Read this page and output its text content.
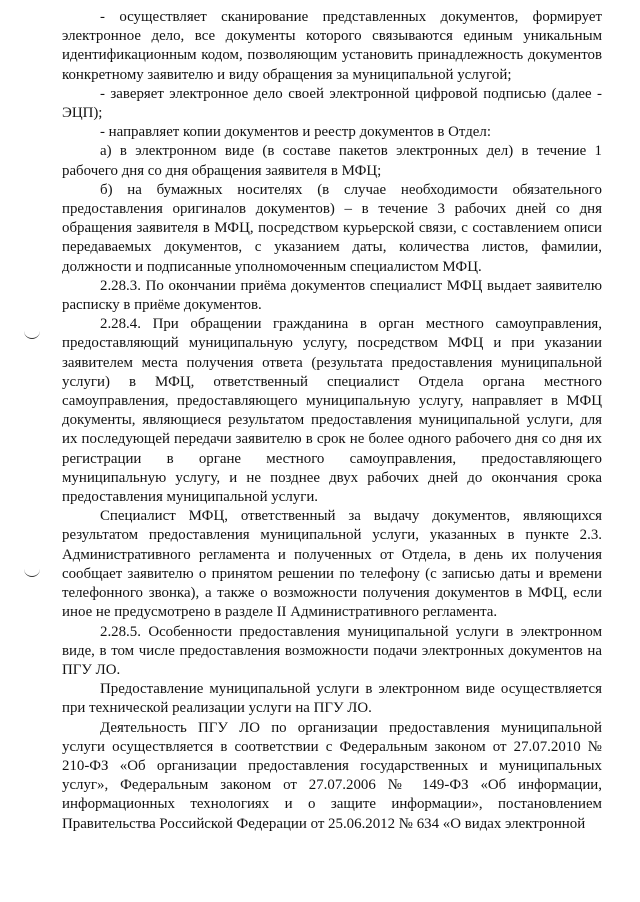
- осуществляет сканирование представленных документов, формирует электронное дело, все документы которого связываются единым уникальным идентификационным кодом, позволяющим установить принадлежность документов конкретному заявителю и виду обращения за муниципальной услугой;

- заверяет электронное дело своей электронной цифровой подписью (далее - ЭЦП);

- направляет копии документов и реестр документов в Отдел:

а) в электронном виде (в составе пакетов электронных дел) в течение 1 рабочего дня со дня обращения заявителя в МФЦ;

б) на бумажных носителях (в случае необходимости обязательного предоставления оригиналов документов) – в течение 3 рабочих дней со дня обращения заявителя в МФЦ, посредством курьерской связи, с составлением описи передаваемых документов, с указанием даты, количества листов, фамилии, должности и подписанные уполномоченным специалистом МФЦ.

2.28.3. По окончании приёма документов специалист МФЦ выдает заявителю расписку в приёме документов.

2.28.4. При обращении гражданина в орган местного самоуправления, предоставляющий муниципальную услугу, посредством МФЦ и при указании заявителем места получения ответа (результата предоставления муниципальной услуги) в МФЦ, ответственный специалист Отдела органа местного самоуправления, предоставляющего муниципальную услугу, направляет в МФЦ документы, являющиеся результатом предоставления муниципальной услуги, для их последующей передачи заявителю в срок не более одного рабочего дня со дня их регистрации в органе местного самоуправления, предоставляющего муниципальную услугу, и не позднее двух рабочих дней до окончания срока предоставления муниципальной услуги.

Специалист МФЦ, ответственный за выдачу документов, являющихся результатом предоставления муниципальной услуги, указанных в пункте 2.3. Административного регламента и полученных от Отдела, в день их получения сообщает заявителю о принятом решении по телефону (с записью даты и времени телефонного звонка), а также о возможности получения документов в МФЦ, если иное не предусмотрено в разделе II Административного регламента.

2.28.5. Особенности предоставления муниципальной услуги в электронном виде, в том числе предоставления возможности подачи электронных документов на ПГУ ЛО.

Предоставление муниципальной услуги в электронном виде осуществляется при технической реализации услуги на ПГУ ЛО.

Деятельность ПГУ ЛО по организации предоставления муниципальной услуги осуществляется в соответствии с Федеральным законом от 27.07.2010 № 210-ФЗ «Об организации предоставления государственных и муниципальных услуг», Федеральным законом от 27.07.2006 № 149-ФЗ «Об информации, информационных технологиях и о защите информации», постановлением Правительства Российской Федерации от 25.06.2012 № 634 «О видах электронной
